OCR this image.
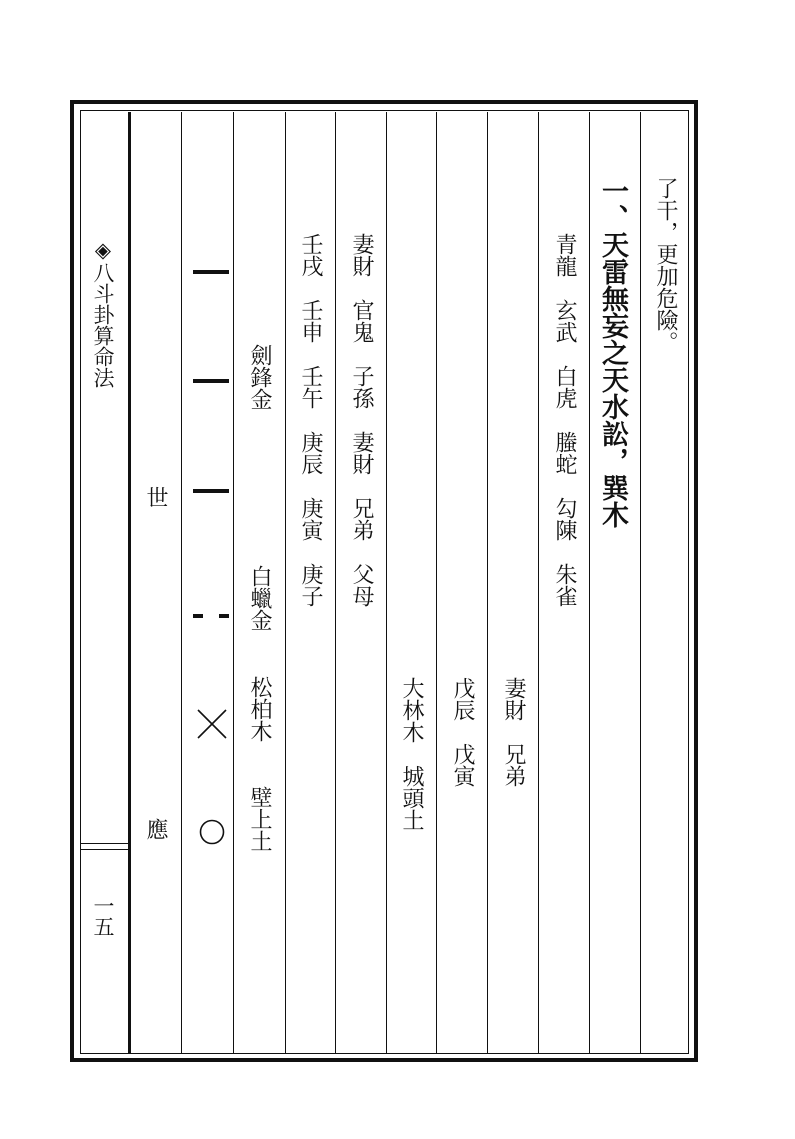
◈八斗卦算命法
一五
世
應
劍鋒金
白蠟金
松柏木
壁上土
壬戌　壬申　壬午　庚辰　庚寅　庚子 妻財　官鬼　子孫　妻財　兄弟　父母
大林木　城頭土 戊辰　戊寅 妻財　兄弟
青龍　玄武　白虎　螣蛇　勾陳　朱雀 一、天雷無妄之天水訟，巽木 了干，更加危險。
